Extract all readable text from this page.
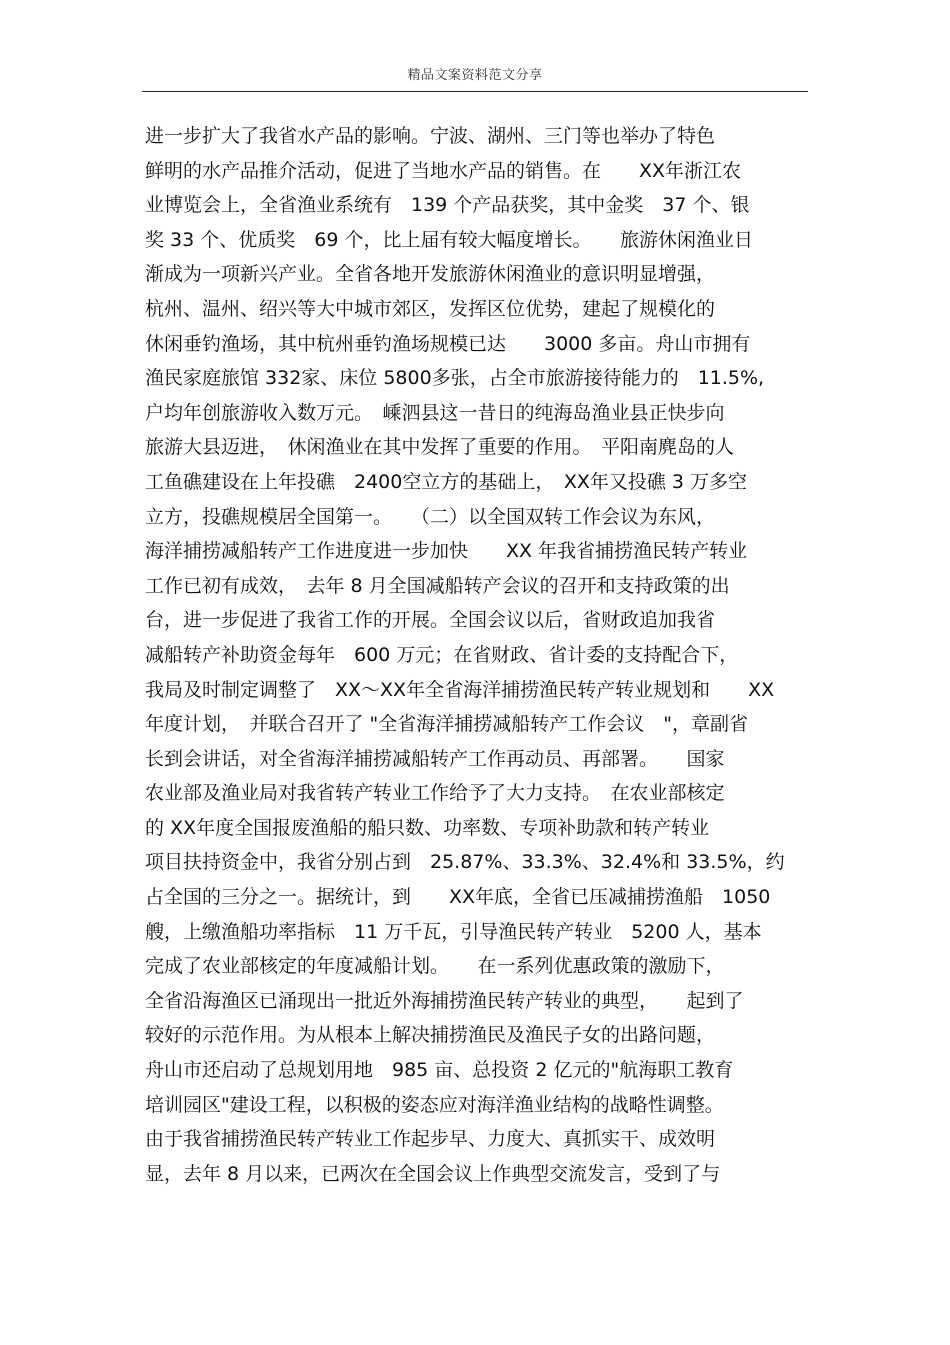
精品文案资料范文分享
进一步扩大了我省水产品的影响。宁波、湖州、三门等也举办了特色
鲜明的水产品推介活动，促进了当地水产品的销售。在　　XX年浙江农
业博览会上，全省渔业系统有　139 个产品获奖，其中金奖　37 个、银
奖 33 个、优质奖　69 个，比上届有较大幅度增长。　　旅游休闲渔业日
渐成为一项新兴产业。全省各地开发旅游休闲渔业的意识明显增强，
杭州、温州、绍兴等大中城市郊区，发挥区位优势，建起了规模化的
休闲垂钓渔场，其中杭州垂钓渔场规模已达　　3000 多亩。舟山市拥有
渔民家庭旅馆 332家、床位 5800多张，占全市旅游接待能力的　11.5%,
户均年创旅游收入数万元。　嵊泗县这一昔日的纯海岛渔业县正快步向
旅游大县迈进，　休闲渔业在其中发挥了重要的作用。　平阳南麂岛的人
工鱼礁建设在上年投礁　2400空立方的基础上，　XX年又投礁 3 万多空
立方，投礁规模居全国第一。　　（二）以全国双转工作会议为东风，
海洋捕捞减船转产工作进度进一步加快　　XX 年我省捕捞渔民转产转业
工作已初有成效，　去年 8 月全国减船转产会议的召开和支持政策的出
台，进一步促进了我省工作的开展。全国会议以后，省财政追加我省
减船转产补助资金每年　600 万元；在省财政、省计委的支持配合下，
我局及时制定调整了　XX～XX年全省海洋捕捞渔民转产转业规划和　　XX
年度计划，　并联合召开了 "全省海洋捕捞减船转产工作会议　"，章副省
长到会讲话，对全省海洋捕捞减船转产工作再动员、再部署。　　国家
农业部及渔业局对我省转产转业工作给予了大力支持。　在农业部核定
的 XX年度全国报废渔船的船只数、功率数、专项补助款和转产转业
项目扶持资金中，我省分别占到　25.87%、33.3%、32.4%和 33.5%，约
占全国的三分之一。据统计，到　　XX年底，全省已压减捕捞渔船　1050
艘，上缴渔船功率指标　11 万千瓦，引导渔民转产转业　5200 人，基本
完成了农业部核定的年度减船计划。　　在一系列优惠政策的激励下，
全省沿海渔区已涌现出一批近外海捕捞渔民转产转业的典型，　　起到了
较好的示范作用。为从根本上解决捕捞渔民及渔民子女的出路问题，
舟山市还启动了总规划用地　985 亩、总投资 2 亿元的"航海职工教育
培训园区"建设工程，以积极的姿态应对海洋渔业结构的战略性调整。
由于我省捕捞渔民转产转业工作起步早、力度大、真抓实干、成效明
显，去年 8 月以来，已两次在全国会议上作典型交流发言，受到了与
